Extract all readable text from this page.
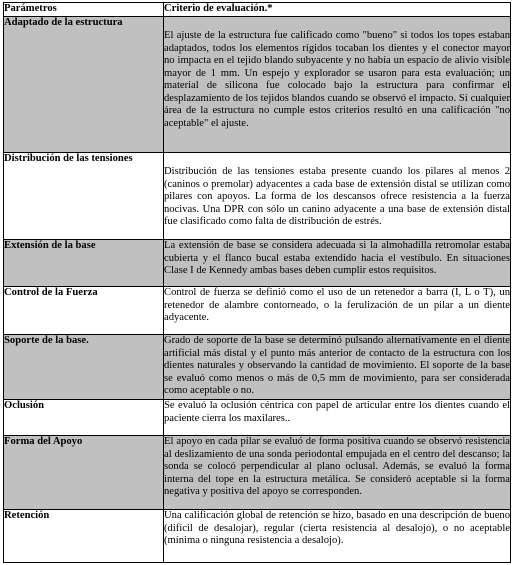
Parámetros	Criterio de evaluación.*
Adaptado de la estructura	El ajuste de la estructura fue calificado como "bueno" si todos los topes estaban adaptados, todos los elementos rígidos tocaban los dientes y el conector mayor no impacta en el tejido blando subyacente y no había un espacio de alivio visible mayor de 1 mm. Un espejo y explorador se usaron para esta evaluación; un material de silicona fue colocado bajo la estructura para confirmar el desplazamiento de los tejidos blandos cuando se observó el impacto. Si cualquier área de la estructura no cumple estos criterios resultó en una calificación "no aceptable" el ajuste.

Distribución de las tensiones	Distribución de las tensiones estaba presente cuando los pilares al menos 2 (caninos o premolar) adyacentes a cada base de extensión distal se utilizan como pilares con apoyos. La forma de los descansos ofrece resistencia a la fuerza nocivas. Una DPR con sólo un canino adyacente a una base de extensión distal fue clasificado como falta de distribución de estrés.

Extensión de la base	La extensión de base se considera adecuada si la almohadilla retromolar estaba cubierta y el flanco bucal estaba extendido hacia el vestíbulo. En situaciones Clase I de Kennedy ambas bases deben cumplir estos requisitos.

Control de la Fuerza	Control de fuerza se definió como el uso de un retenedor a barra (I, L o T), un retenedor de alambre contorneado, o la ferulización de un pilar a un diente adyacente.

Soporte de la base.	Grado de soporte de la base se determinó pulsando alternativamente en el diente artificial más distal y el punto más anterior de contacto de la estructura con los dientes naturales y observando la cantidad de movimiento. El soporte de la base se evaluó como menos o más de 0,5 mm de movimiento, para ser considerada como aceptable o no.

Oclusión	Se evaluó la oclusión céntrica con papel de articular entre los dientes cuando el paciente cierra los maxilares..

Forma del Apoyo	El apoyo en cada pilar se evaluó de forma positiva cuando se observó resistencia al deslizamiento de una sonda periodontal empujada en el centro del descanso; la sonda se colocó perpendicular al plano oclusal. Además, se evaluó la forma interna del tope en la estructura metálica. Se consideró aceptable si la forma negativa y positiva del apoyo se corresponden.

Retención	Una calificación global de retención se hizo, basado en una descripción de bueno (difícil de desalojar), regular (cierta resistencia al desalojo), o no aceptable (mínima o ninguna resistencia a desalojo).
